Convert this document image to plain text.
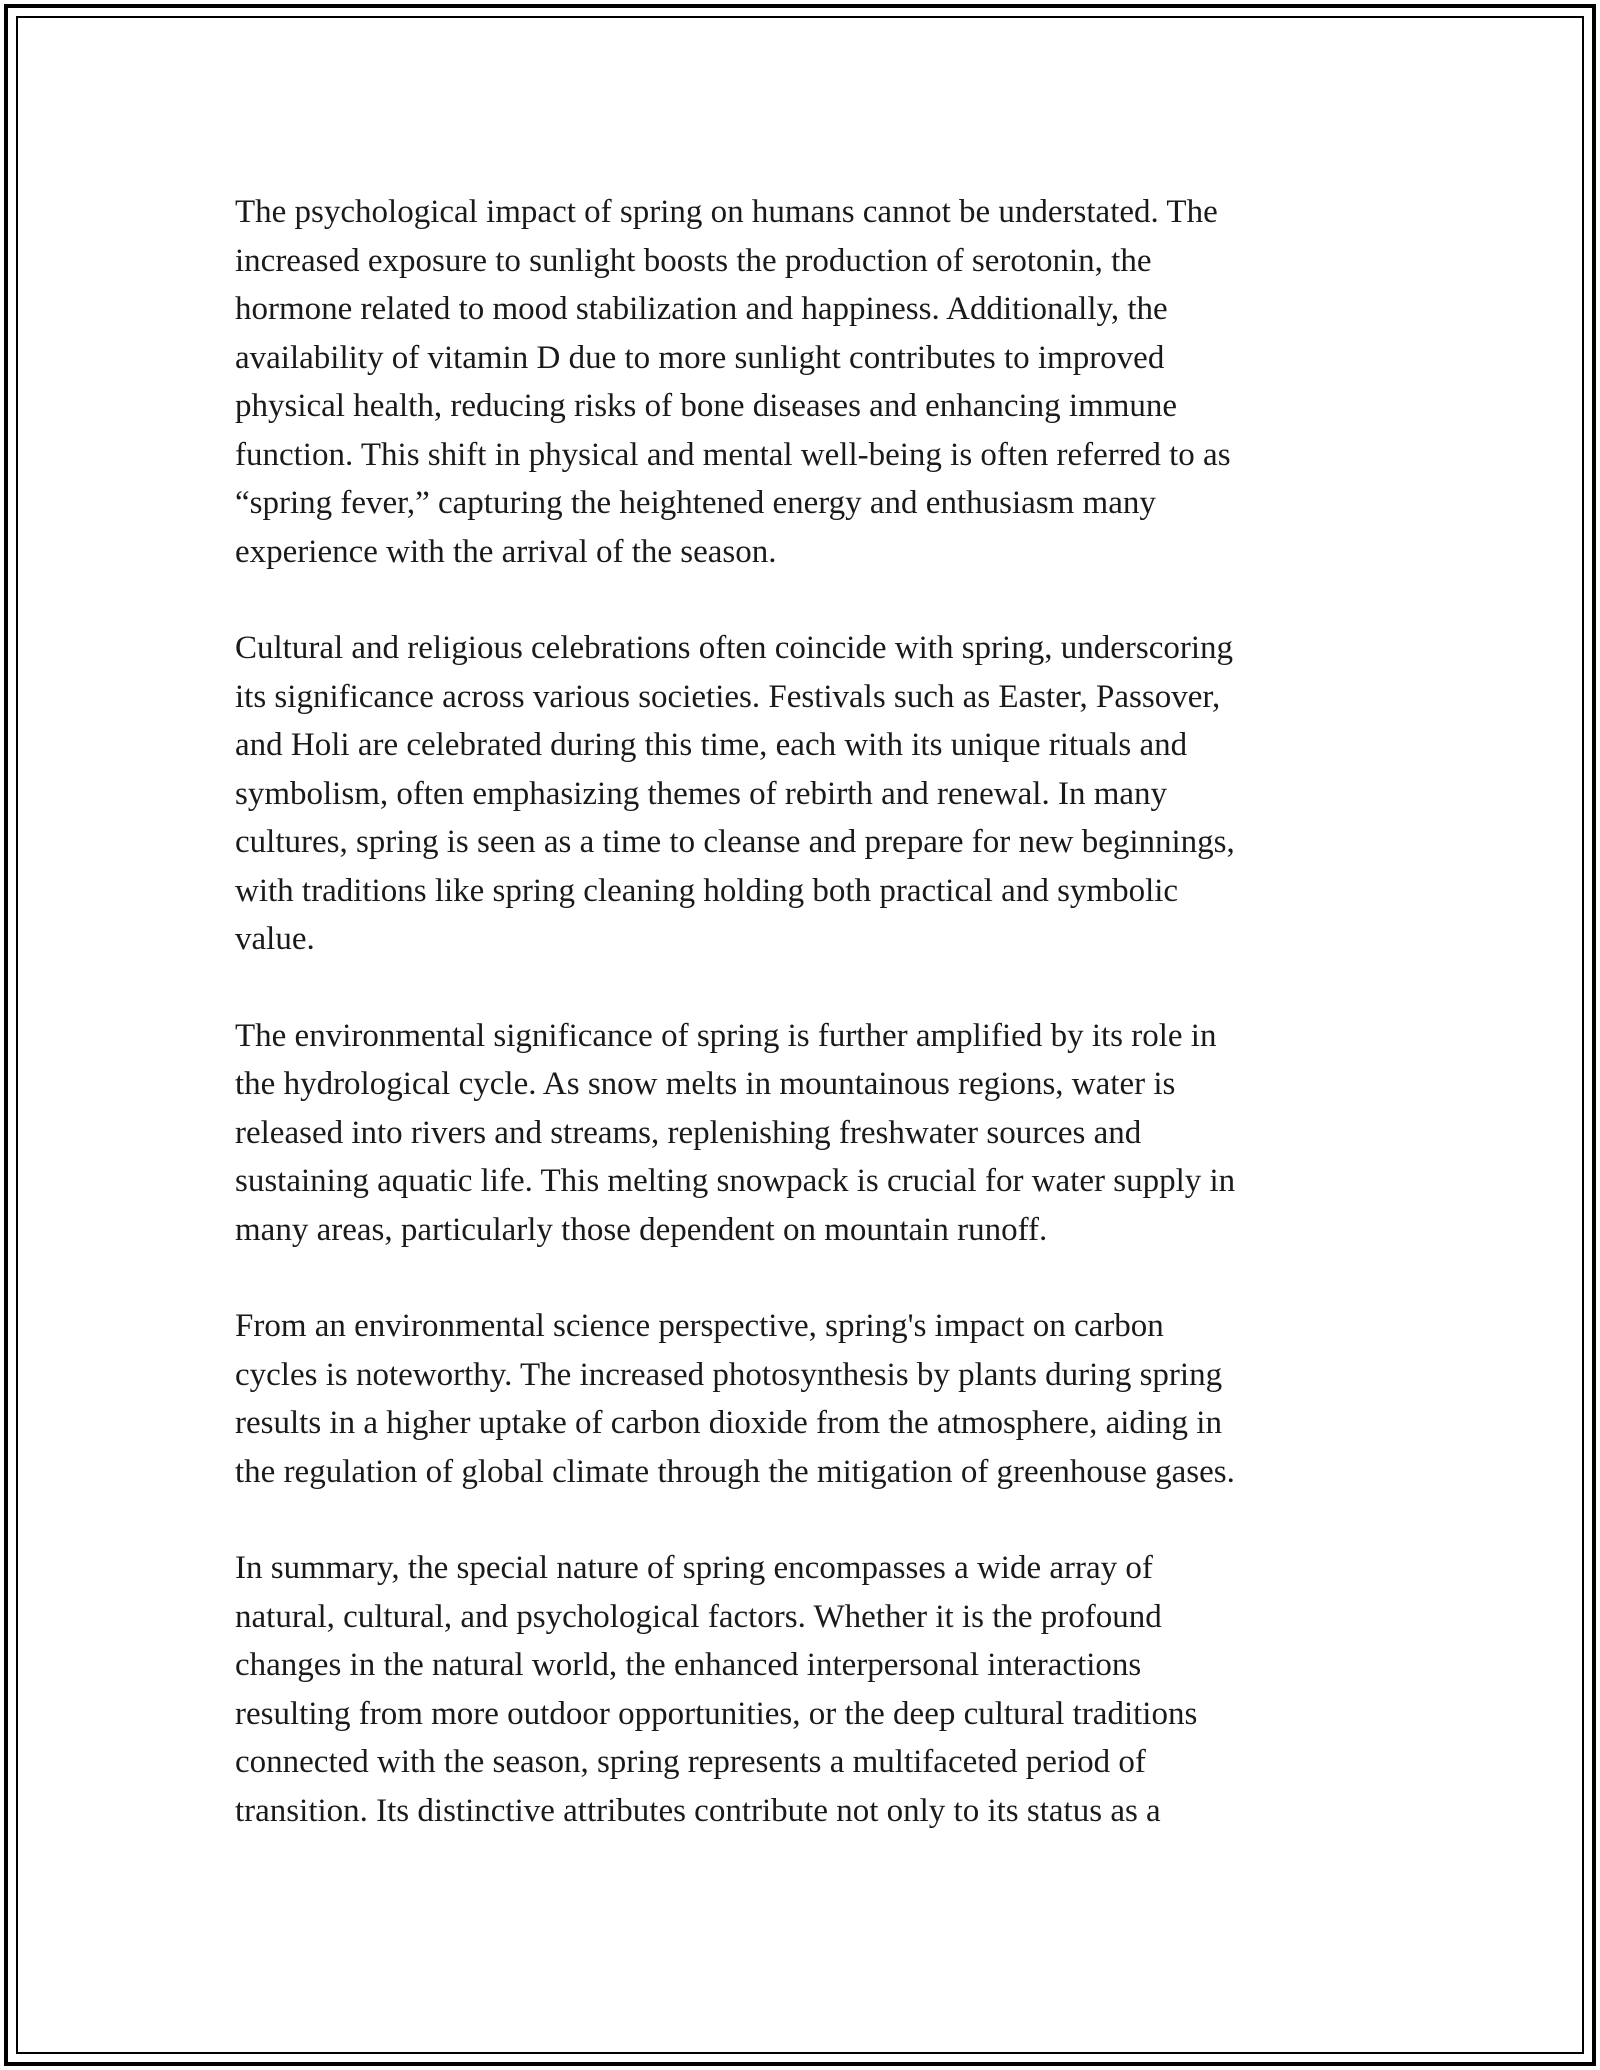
The psychological impact of spring on humans cannot be understated. The
increased exposure to sunlight boosts the production of serotonin, the
hormone related to mood stabilization and happiness. Additionally, the
availability of vitamin D due to more sunlight contributes to improved
physical health, reducing risks of bone diseases and enhancing immune
function. This shift in physical and mental well-being is often referred to as
“spring fever,” capturing the heightened energy and enthusiasm many
experience with the arrival of the season.

Cultural and religious celebrations often coincide with spring, underscoring
its significance across various societies. Festivals such as Easter, Passover,
and Holi are celebrated during this time, each with its unique rituals and
symbolism, often emphasizing themes of rebirth and renewal. In many
cultures, spring is seen as a time to cleanse and prepare for new beginnings,
with traditions like spring cleaning holding both practical and symbolic
value.

The environmental significance of spring is further amplified by its role in
the hydrological cycle. As snow melts in mountainous regions, water is
released into rivers and streams, replenishing freshwater sources and
sustaining aquatic life. This melting snowpack is crucial for water supply in
many areas, particularly those dependent on mountain runoff.

From an environmental science perspective, spring's impact on carbon
cycles is noteworthy. The increased photosynthesis by plants during spring
results in a higher uptake of carbon dioxide from the atmosphere, aiding in
the regulation of global climate through the mitigation of greenhouse gases.

In summary, the special nature of spring encompasses a wide array of
natural, cultural, and psychological factors. Whether it is the profound
changes in the natural world, the enhanced interpersonal interactions
resulting from more outdoor opportunities, or the deep cultural traditions
connected with the season, spring represents a multifaceted period of
transition. Its distinctive attributes contribute not only to its status as a
